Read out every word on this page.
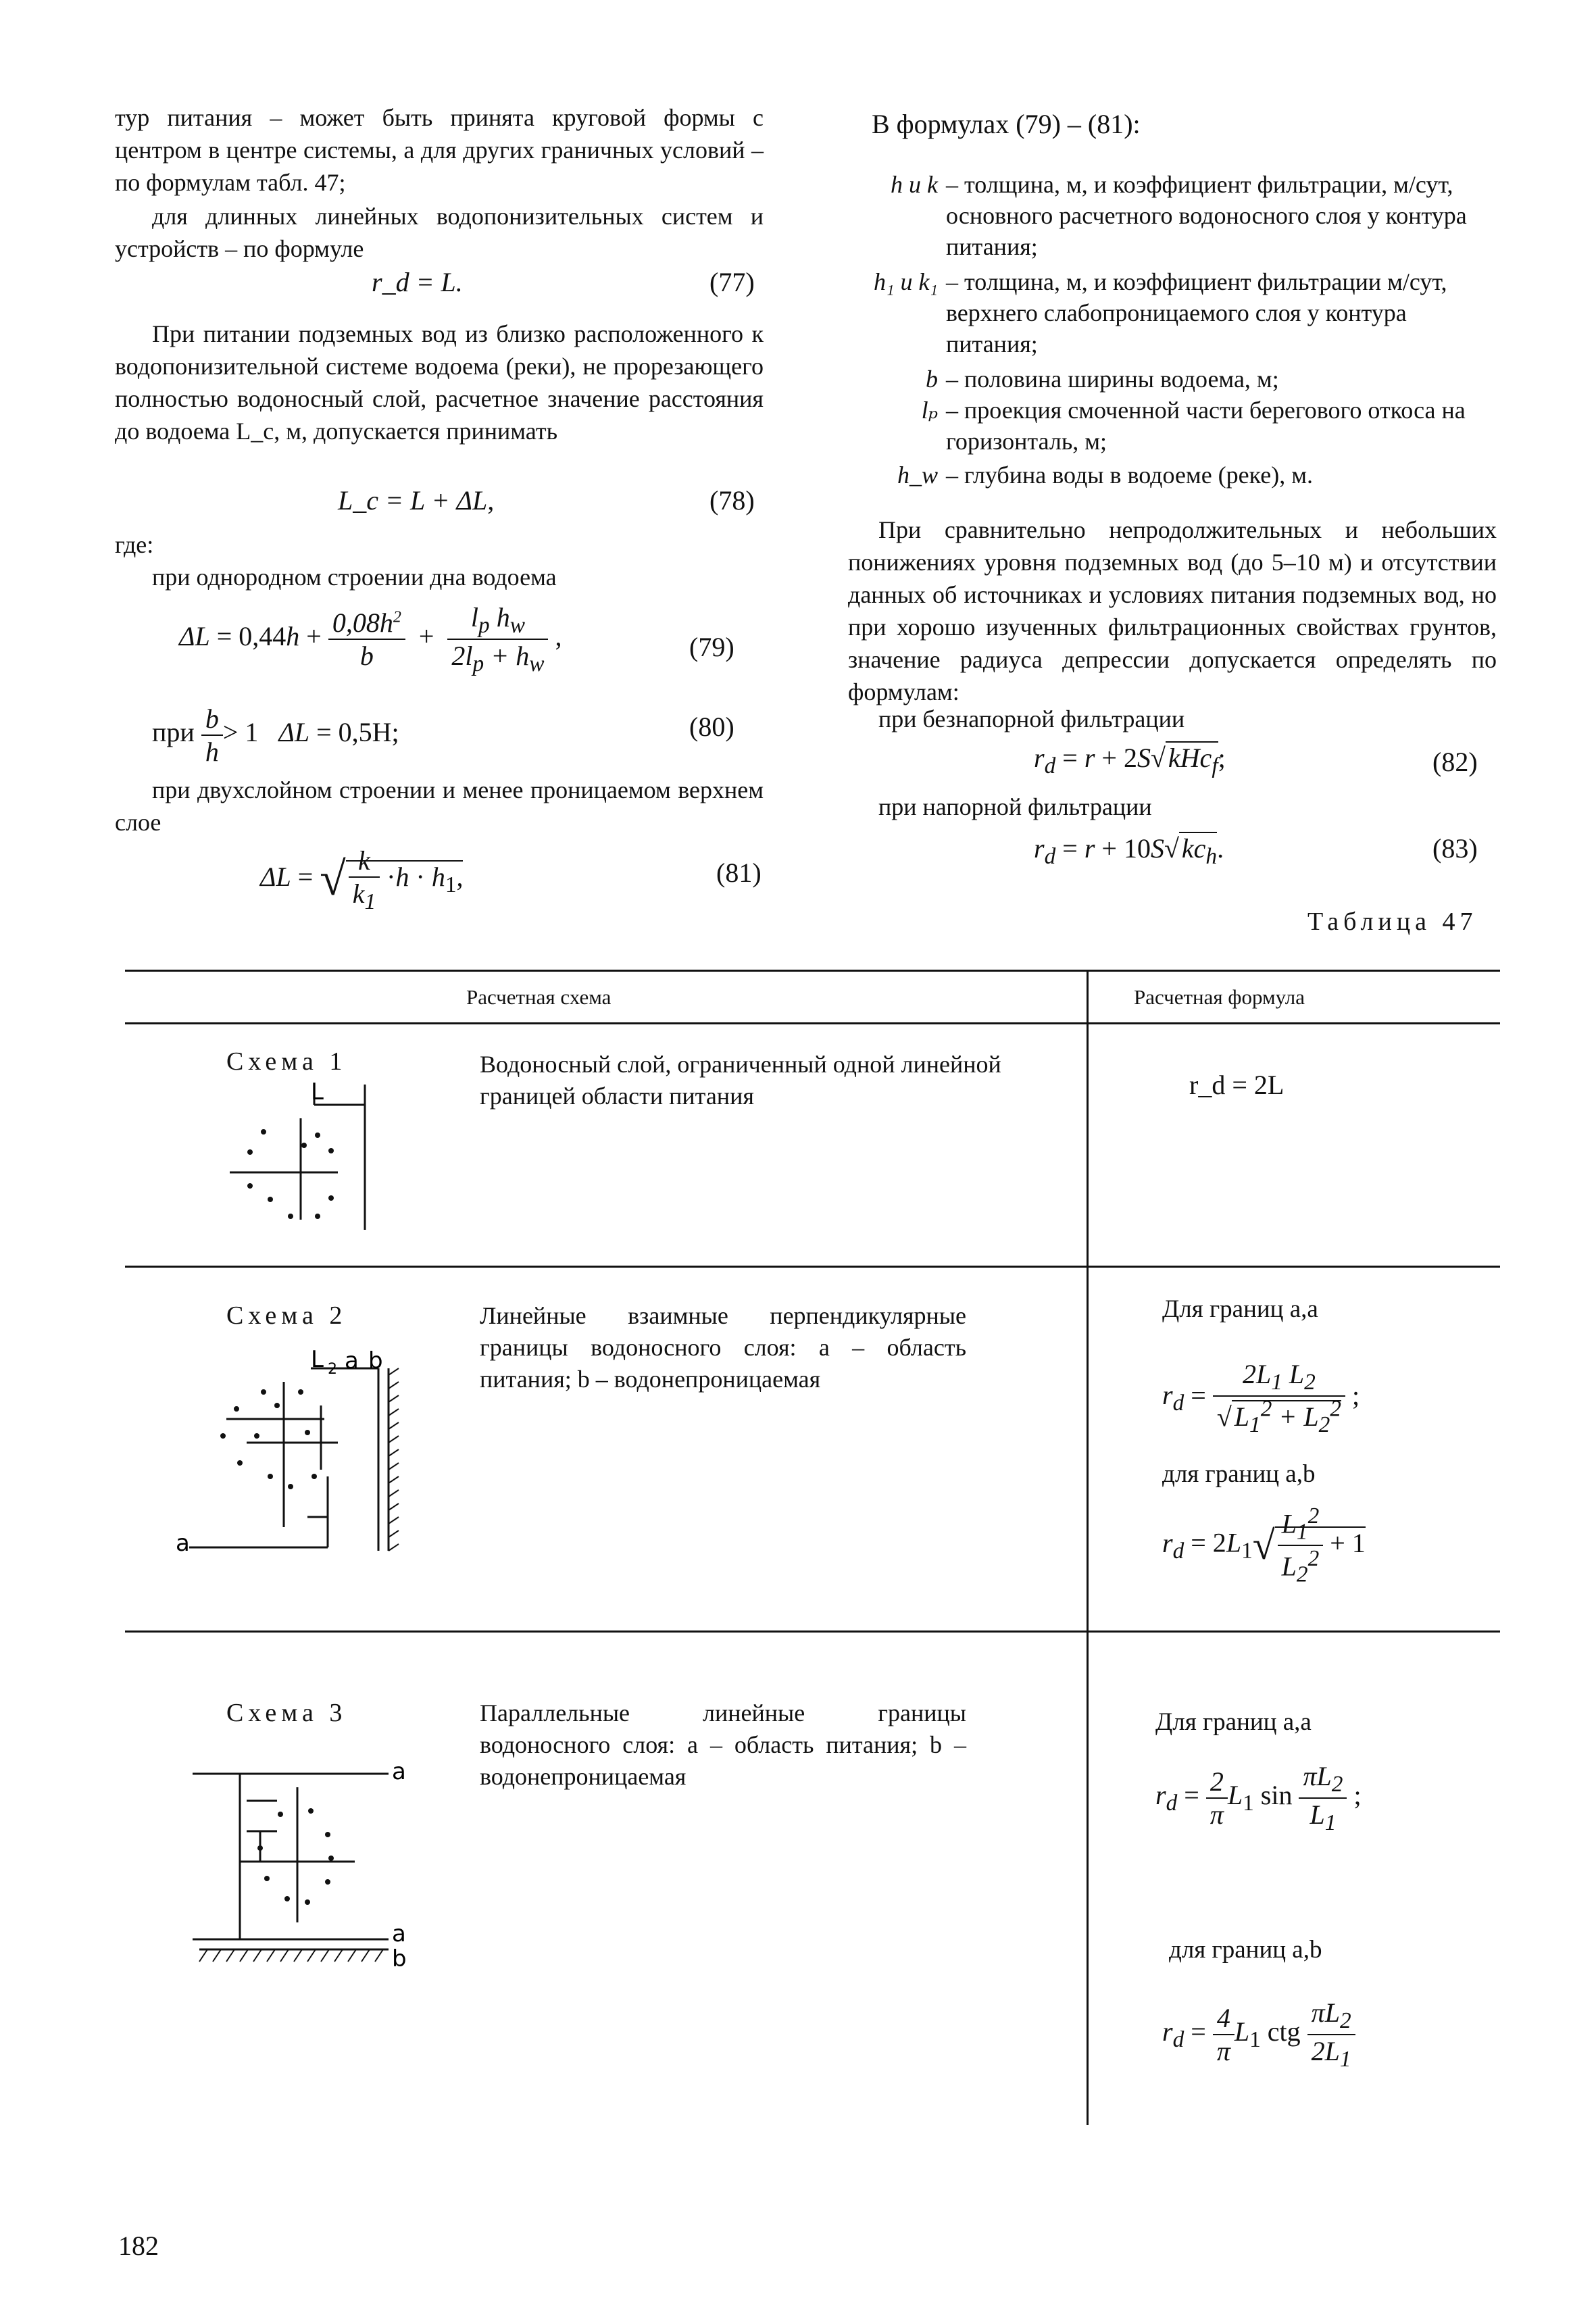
тур питания – может быть принята круговой формы с центром в центре системы, а для других граничных условий – по формулам табл. 47;
для длинных линейных водопонизительных систем и устройств – по формуле
r_d = L.	(77)
При питании подземных вод из близко расположенного к водопонизительной системе водоема (реки), не прорезающего полностью водоносный слой, расчетное значение расстояния до водоема L_c, м, допускается принимать
L_c = L + ΔL,	(78)
где:
при однородном строении дна водоема
$\Delta L = 0,44h + \frac{0,08h^2}{b} + \frac{l_p h_w}{2l_p + h_w}$ ,	(79)
при $\frac{b}{h} > 1$   ΔL = 0,5H;	(80)
при двухслойном строении и менее проницаемом верхнем слое
ΔL = √ $\frac{k}{k_1} \cdot h \cdot h_1$,	(81)
В формулах (79) – (81):
h и k – толщина, м, и коэффициент фильтрации, м/сут, основного расчетного водоносного слоя у контура питания;
h₁ и k₁ – толщина, м, и коэффициент фильтрации м/сут, верхнего слабопроницаемого слоя у контура питания;
b – половина ширины водоема, м;
lₚ – проекция смоченной части берегового откоса на горизонталь, м;
h_w – глубина воды в водоеме (реке), м.
При сравнительно непродолжительных и небольших понижениях уровня подземных вод (до 5–10 м) и отсутствии данных об источниках и условиях питания подземных вод, но при хорошо изученных фильтрационных свойствах грунтов, значение радиуса депрессии допускается определять по формулам:
при безнапорной фильтрации
$r_d = r + 2S√$ kHc$_f$;	(82)
при напорной фильтрации
$r_d = r + 10S√$ $kc_h$.	(83)
Таблица 47
Расчетная схема	Расчетная формула
Схема 1	Водоносный слой, ограниченный одной линейной границей области питания	r_d = 2L
L
Схема 2	Линейные взаимные перпендикулярные границы водоносного слоя: a – область питания; b – водонепроницаемая
Для границ a,a
$r_d = \frac{2L_1 L_2}{√ L_1^2 + L_2^2}$ ;
для границ a,b
$r_d = 2L_1√ \frac{L_1^2}{L_2^2} + 1$
L 2 a b
a
Схема 3	Параллельные линейные границы водоносного слоя: a – область питания; b – водонепроницаемая
Для границ a,a
$r_d = \frac{2}{\pi} L_1$ $\sin \frac{\pi L_2}{L_1}$ ;
для границ a,b
$r_d = \frac{4}{\pi} L_1$ ctg $\frac{\pi L_2}{2L_1}$
a
a
b
182
